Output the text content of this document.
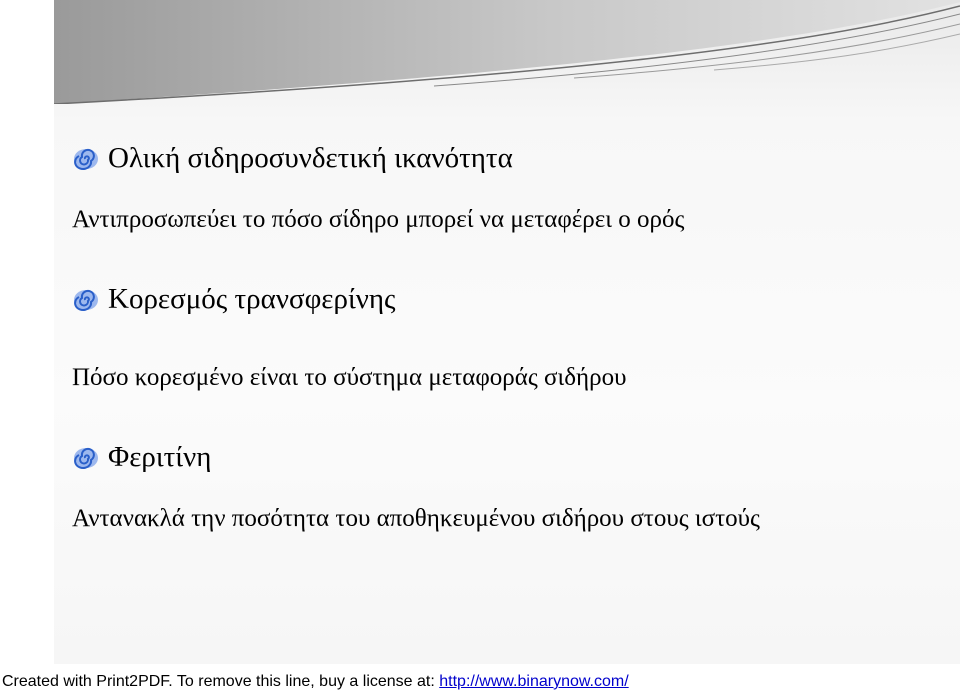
Ολική σιδηροσυνδετική ικανότητα
Αντιπροσωπεύει το πόσο σίδηρο μπορεί να μεταφέρει ο ορός
Κορεσμός τρανσφερίνης
Πόσο κορεσμένο είναι το σύστημα μεταφοράς σιδήρου
Φεριτίνη
Αντανακλά την ποσότητα του αποθηκευμένου σιδήρου στους ιστούς
Created with Print2PDF. To remove this line, buy a license at: http://www.binarynow.com/
